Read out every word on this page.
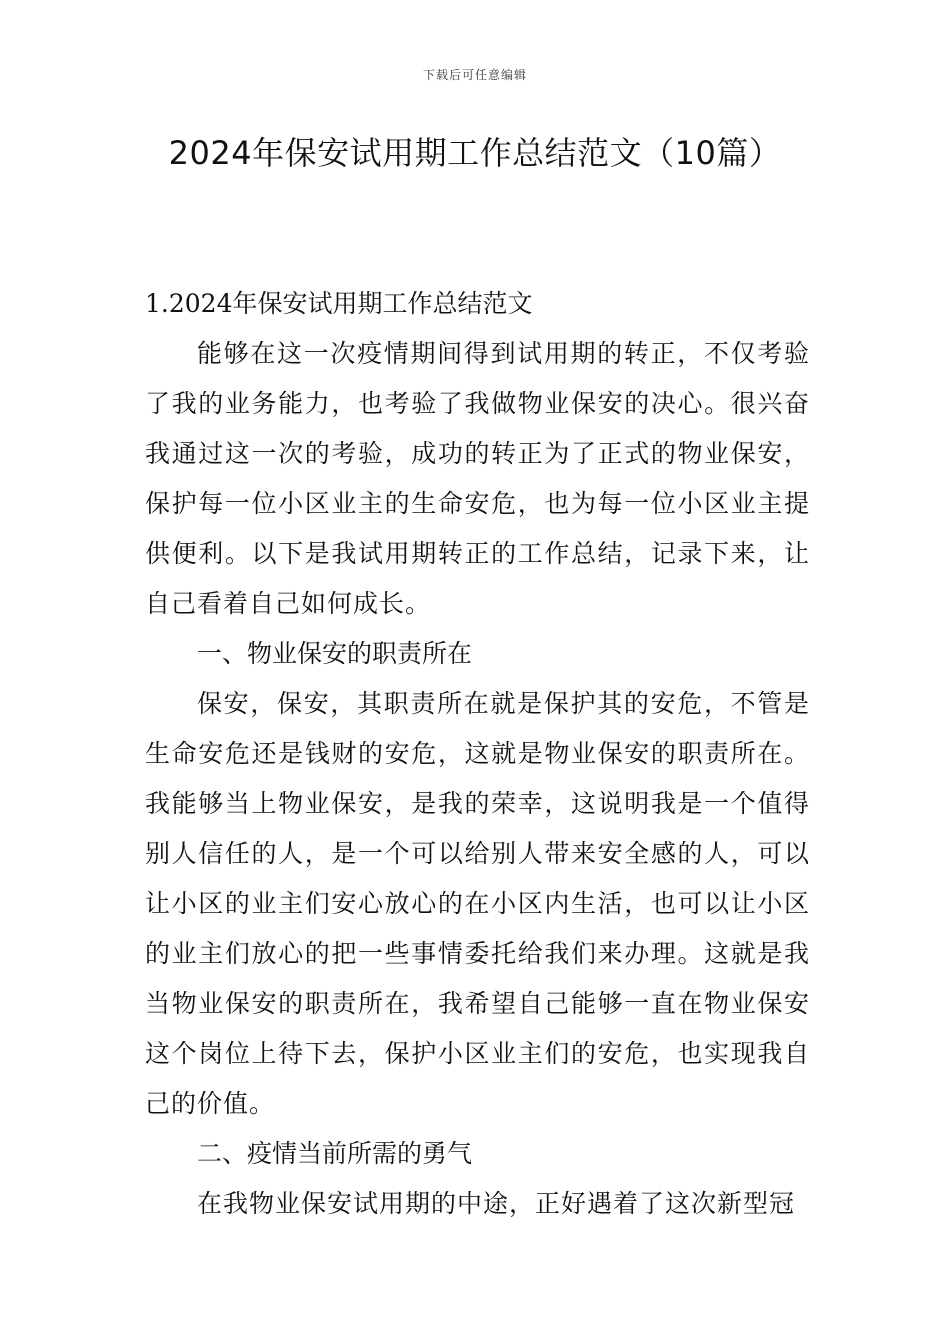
下载后可任意编辑
2024年保安试用期工作总结范文（10篇）
1.2024年保安试用期工作总结范文

能够在这一次疫情期间得到试用期的转正，不仅考验了我的业务能力，也考验了我做物业保安的决心。很兴奋我通过这一次的考验，成功的转正为了正式的物业保安，保护每一位小区业主的生命安危，也为每一位小区业主提供便利。以下是我试用期转正的工作总结，记录下来，让自己看着自己如何成长。

一、物业保安的职责所在

保安，保安，其职责所在就是保护其的安危，不管是生命安危还是钱财的安危，这就是物业保安的职责所在。我能够当上物业保安，是我的荣幸，这说明我是一个值得别人信任的人，是一个可以给别人带来安全感的人，可以让小区的业主们安心放心的在小区内生活，也可以让小区的业主们放心的把一些事情委托给我们来办理。这就是我当物业保安的职责所在，我希望自己能够一直在物业保安这个岗位上待下去，保护小区业主们的安危，也实现我自己的价值。

二、疫情当前所需的勇气

在我物业保安试用期的中途，正好遇着了这次新型冠
